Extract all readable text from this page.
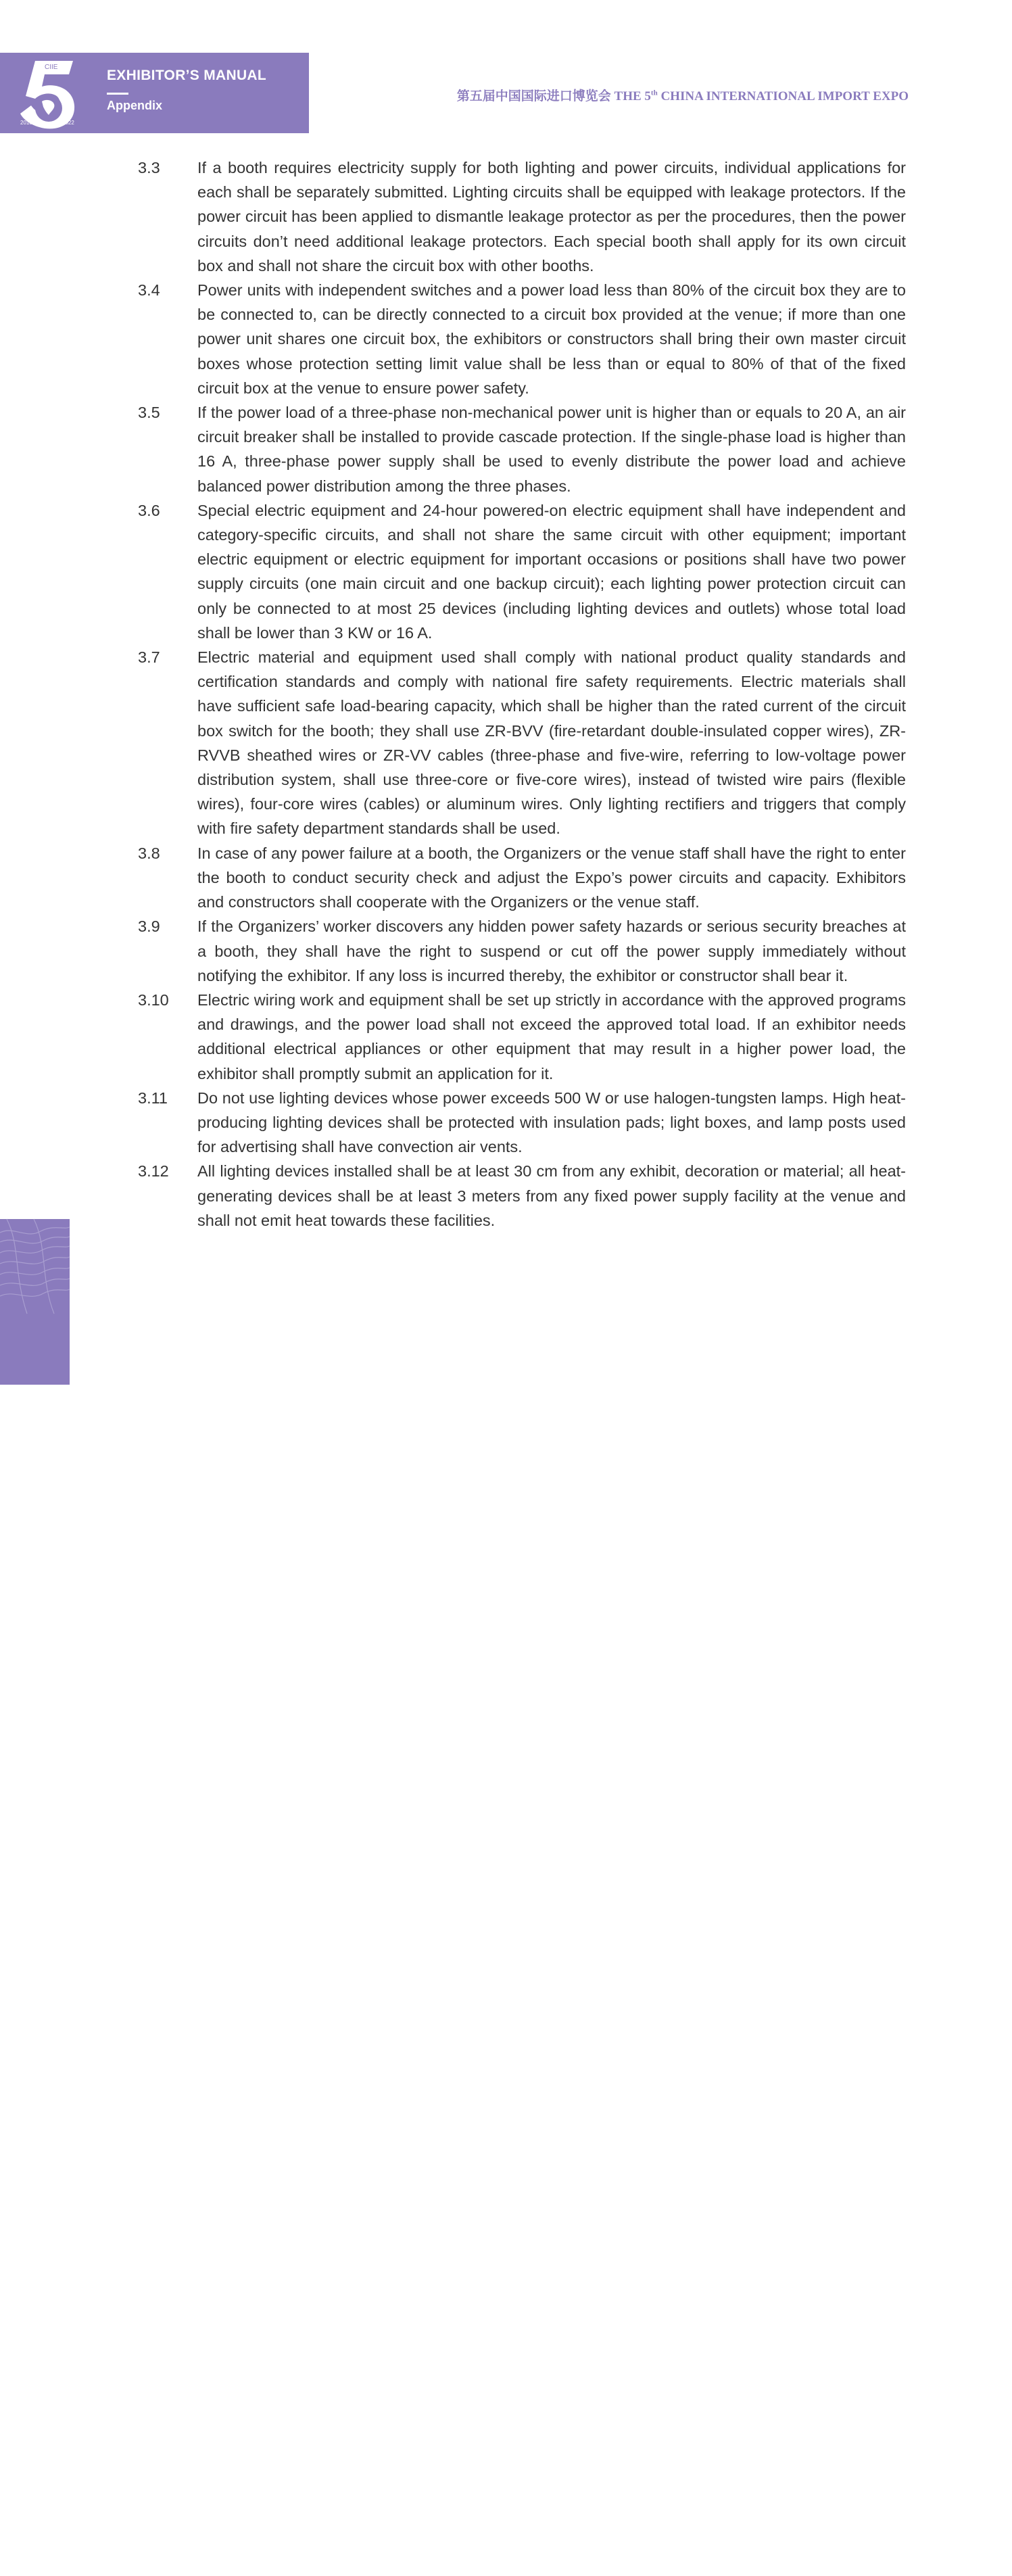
CIIE
2018	2022
EXHIBITOR’S MANUAL
Appendix
第五届中国国际进口博览会 THE 5th CHINA INTERNATIONAL IMPORT EXPO
3.3	If a booth requires electricity supply for both lighting and power circuits, individual applications for each shall be separately submitted. Lighting circuits shall be equipped with leakage protectors. If the power circuit has been applied to dismantle leakage protector as per the procedures, then the power circuits don’t need additional leakage protectors. Each special booth shall apply for its own circuit box and shall not share the circuit box with other booths.
3.4	Power units with independent switches and a power load less than 80% of the circuit box they are to be connected to, can be directly connected to a circuit box provided at the venue; if more than one power unit shares one circuit box, the exhibitors or constructors shall bring their own master circuit boxes whose protection setting limit value shall be less than or equal to 80% of that of the fixed circuit box at the venue to ensure power safety.
3.5	If the power load of a three-phase non-mechanical power unit is higher than or equals to 20 A, an air circuit breaker shall be installed to provide cascade protection. If the single-phase load is higher than 16 A, three-phase power supply shall be used to evenly distribute the power load and achieve balanced power distribution among the three phases.
3.6	Special electric equipment and 24-hour powered-on electric equipment shall have independent and category-specific circuits, and shall not share the same circuit with other equipment; important electric equipment or electric equipment for important occasions or positions shall have two power supply circuits (one main circuit and one backup circuit); each lighting power protection circuit can only be connected to at most 25 devices (including lighting devices and outlets) whose total load shall be lower than 3 KW or 16 A.
3.7	Electric material and equipment used shall comply with national product quality standards and certification standards and comply with national fire safety requirements. Electric materials shall have sufficient safe load-bearing capacity, which shall be higher than the rated current of the circuit box switch for the booth; they shall use ZR-BVV (fire-retardant double-insulated copper wires), ZR-RVVB sheathed wires or ZR-VV cables (three-phase and five-wire, referring to low-voltage power distribution system, shall use three-core or five-core wires), instead of twisted wire pairs (flexible wires), four-core wires (cables) or aluminum wires. Only lighting rectifiers and triggers that comply with fire safety department standards shall be used.
3.8	In case of any power failure at a booth, the Organizers or the venue staff shall have the right to enter the booth to conduct security check and adjust the Expo’s power circuits and capacity. Exhibitors and constructors shall cooperate with the Organizers or the venue staff.
3.9	If the Organizers’ worker discovers any hidden power safety hazards or serious security breaches at a booth, they shall have the right to suspend or cut off the power supply immediately without notifying the exhibitor. If any loss is incurred thereby, the exhibitor or constructor shall bear it.
3.10	Electric wiring work and equipment shall be set up strictly in accordance with the approved programs and drawings, and the power load shall not exceed the approved total load. If an exhibitor needs additional electrical appliances or other equipment that may result in a higher power load, the exhibitor shall promptly submit an application for it.
3.11	Do not use lighting devices whose power exceeds 500 W or use halogen-tungsten lamps. High heat-producing lighting devices shall be protected with insulation pads; light boxes, and lamp posts used for advertising shall have convection air vents.
3.12	All lighting devices installed shall be at least 30 cm from any exhibit, decoration or material; all heat-generating devices shall be at least 3 meters from any fixed power supply facility at the venue and shall not emit heat towards these facilities.
90
